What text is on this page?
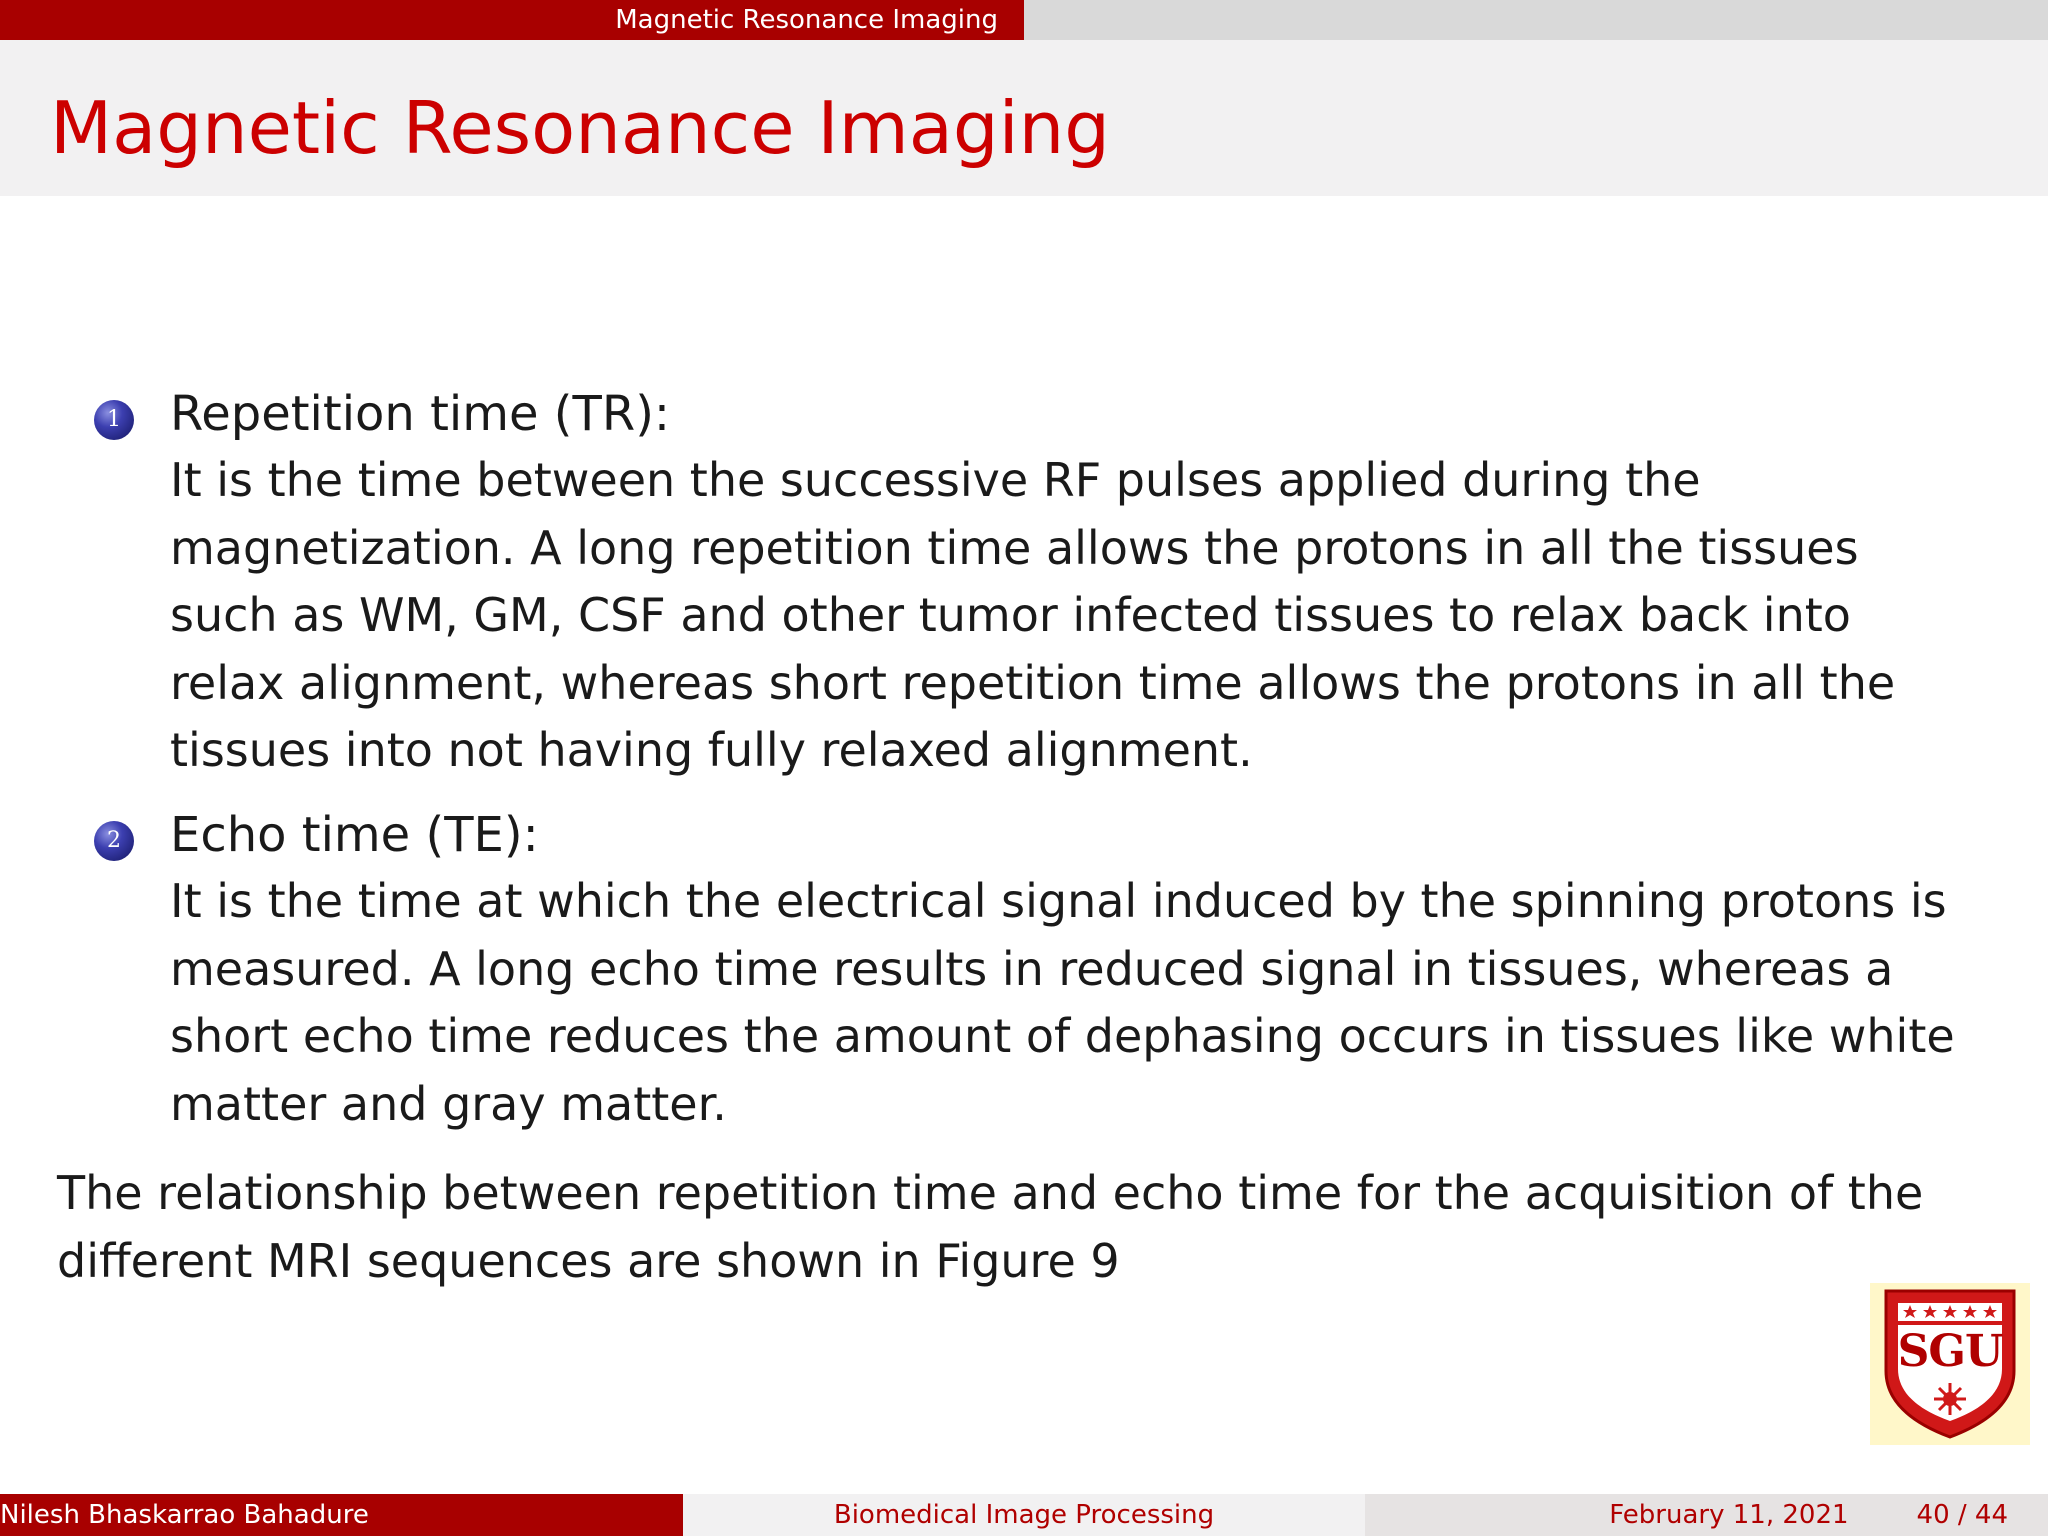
Magnetic Resonance Imaging
Magnetic Resonance Imaging
1 Repetition time (TR):
It is the time between the successive RF pulses applied during the
magnetization. A long repetition time allows the protons in all the tissues
such as WM, GM, CSF and other tumor infected tissues to relax back into
relax alignment, whereas short repetition time allows the protons in all the
tissues into not having fully relaxed alignment.
2 Echo time (TE):
It is the time at which the electrical signal induced by the spinning protons is
measured. A long echo time results in reduced signal in tissues, whereas a
short echo time reduces the amount of dephasing occurs in tissues like white
matter and gray matter.
The relationship between repetition time and echo time for the acquisition of the
different MRI sequences are shown in Figure 9
SGU
Nilesh Bhaskarrao Bahadure	Biomedical Image Processing	February 11, 2021	40 / 44
